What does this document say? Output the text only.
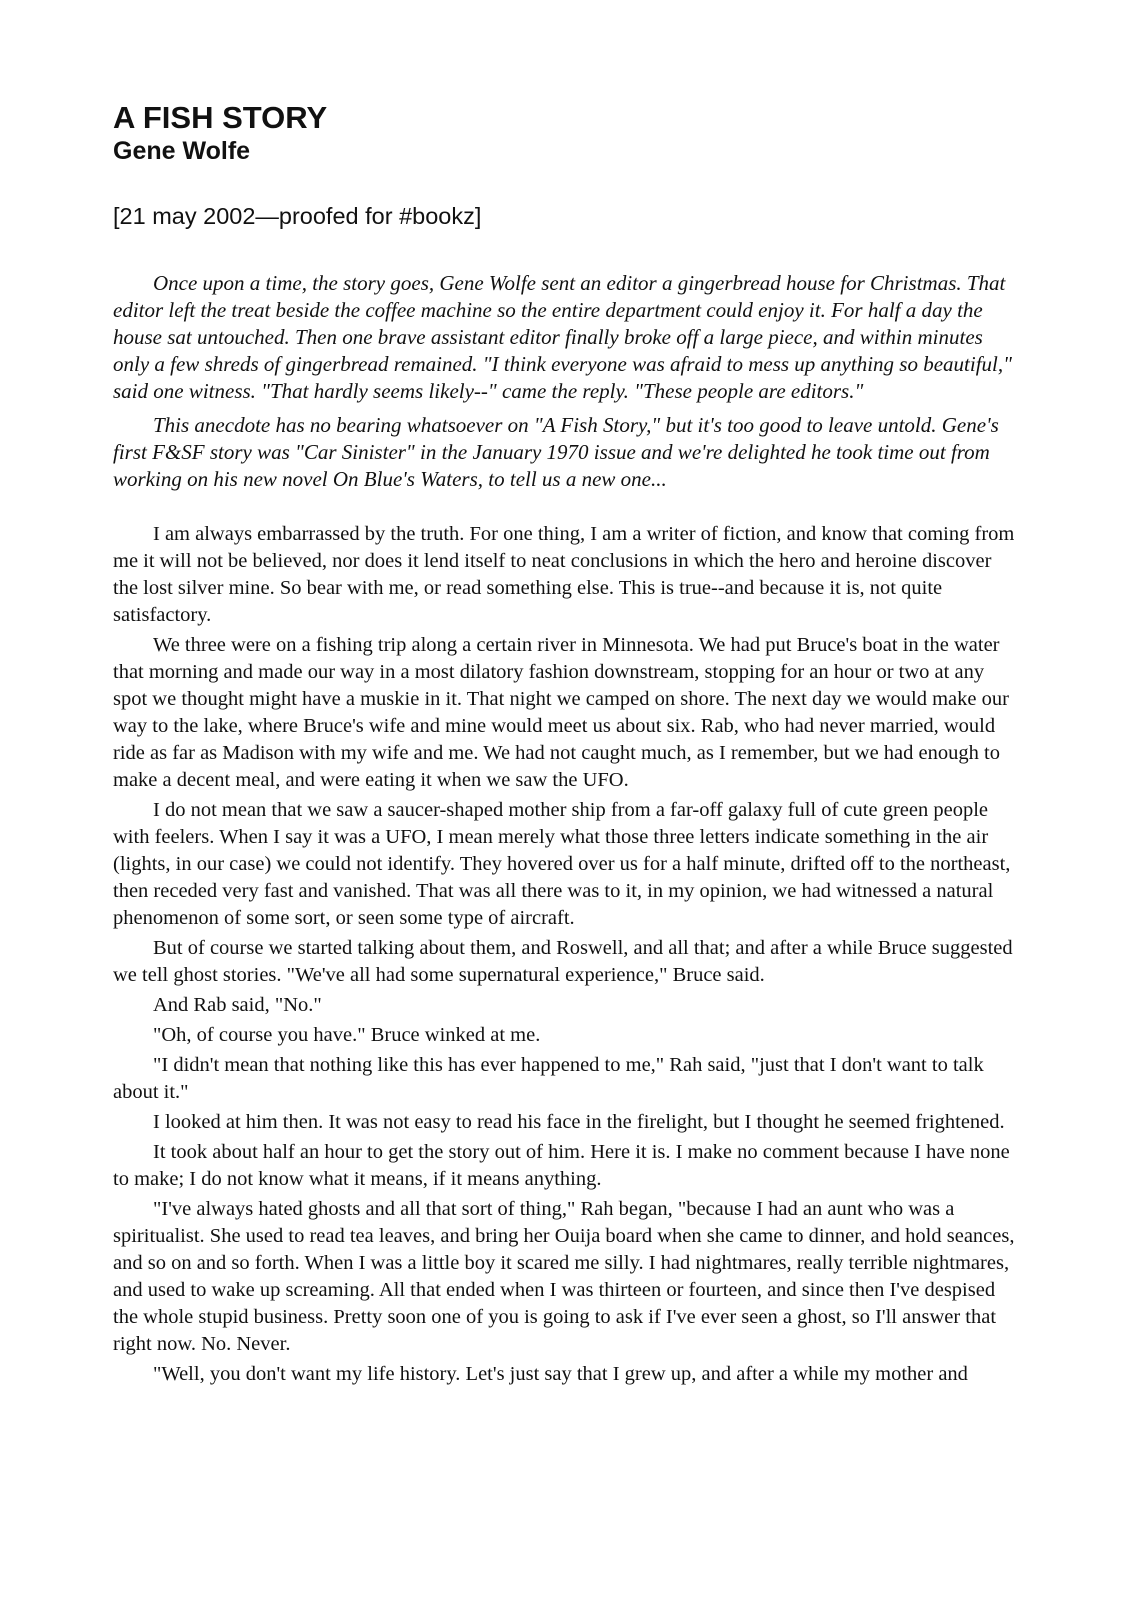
A FISH STORY
Gene Wolfe

[21 may 2002—proofed for #bookz]

Once upon a time, the story goes, Gene Wolfe sent an editor a gingerbread house for Christmas. That editor left the treat beside the coffee machine so the entire department could enjoy it. For half a day the house sat untouched. Then one brave assistant editor finally broke off a large piece, and within minutes only a few shreds of gingerbread remained. "I think everyone was afraid to mess up anything so beautiful," said one witness. "That hardly seems likely--" came the reply. "These people are editors."

This anecdote has no bearing whatsoever on "A Fish Story," but it's too good to leave untold. Gene's first F&SF story was "Car Sinister" in the January 1970 issue and we're delighted he took time out from working on his new novel On Blue's Waters, to tell us a new one...

I am always embarrassed by the truth. For one thing, I am a writer of fiction, and know that coming from me it will not be believed, nor does it lend itself to neat conclusions in which the hero and heroine discover the lost silver mine. So bear with me, or read something else. This is true--and because it is, not quite satisfactory.

We three were on a fishing trip along a certain river in Minnesota. We had put Bruce's boat in the water that morning and made our way in a most dilatory fashion downstream, stopping for an hour or two at any spot we thought might have a muskie in it. That night we camped on shore. The next day we would make our way to the lake, where Bruce's wife and mine would meet us about six. Rab, who had never married, would ride as far as Madison with my wife and me. We had not caught much, as I remember, but we had enough to make a decent meal, and were eating it when we saw the UFO.

I do not mean that we saw a saucer-shaped mother ship from a far-off galaxy full of cute green people with feelers. When I say it was a UFO, I mean merely what those three letters indicate something in the air (lights, in our case) we could not identify. They hovered over us for a half minute, drifted off to the northeast, then receded very fast and vanished. That was all there was to it, in my opinion, we had witnessed a natural phenomenon of some sort, or seen some type of aircraft.

But of course we started talking about them, and Roswell, and all that; and after a while Bruce suggested we tell ghost stories. "We've all had some supernatural experience," Bruce said.

And Rab said, "No."

"Oh, of course you have." Bruce winked at me.

"I didn't mean that nothing like this has ever happened to me," Rah said, "just that I don't want to talk about it."

I looked at him then. It was not easy to read his face in the firelight, but I thought he seemed frightened.

It took about half an hour to get the story out of him. Here it is. I make no comment because I have none to make; I do not know what it means, if it means anything.

"I've always hated ghosts and all that sort of thing," Rah began, "because I had an aunt who was a spiritualist. She used to read tea leaves, and bring her Ouija board when she came to dinner, and hold seances, and so on and so forth. When I was a little boy it scared me silly. I had nightmares, really terrible nightmares, and used to wake up screaming. All that ended when I was thirteen or fourteen, and since then I've despised the whole stupid business. Pretty soon one of you is going to ask if I've ever seen a ghost, so I'll answer that right now. No. Never.

"Well, you don't want my life history. Let's just say that I grew up, and after a while my mother and
